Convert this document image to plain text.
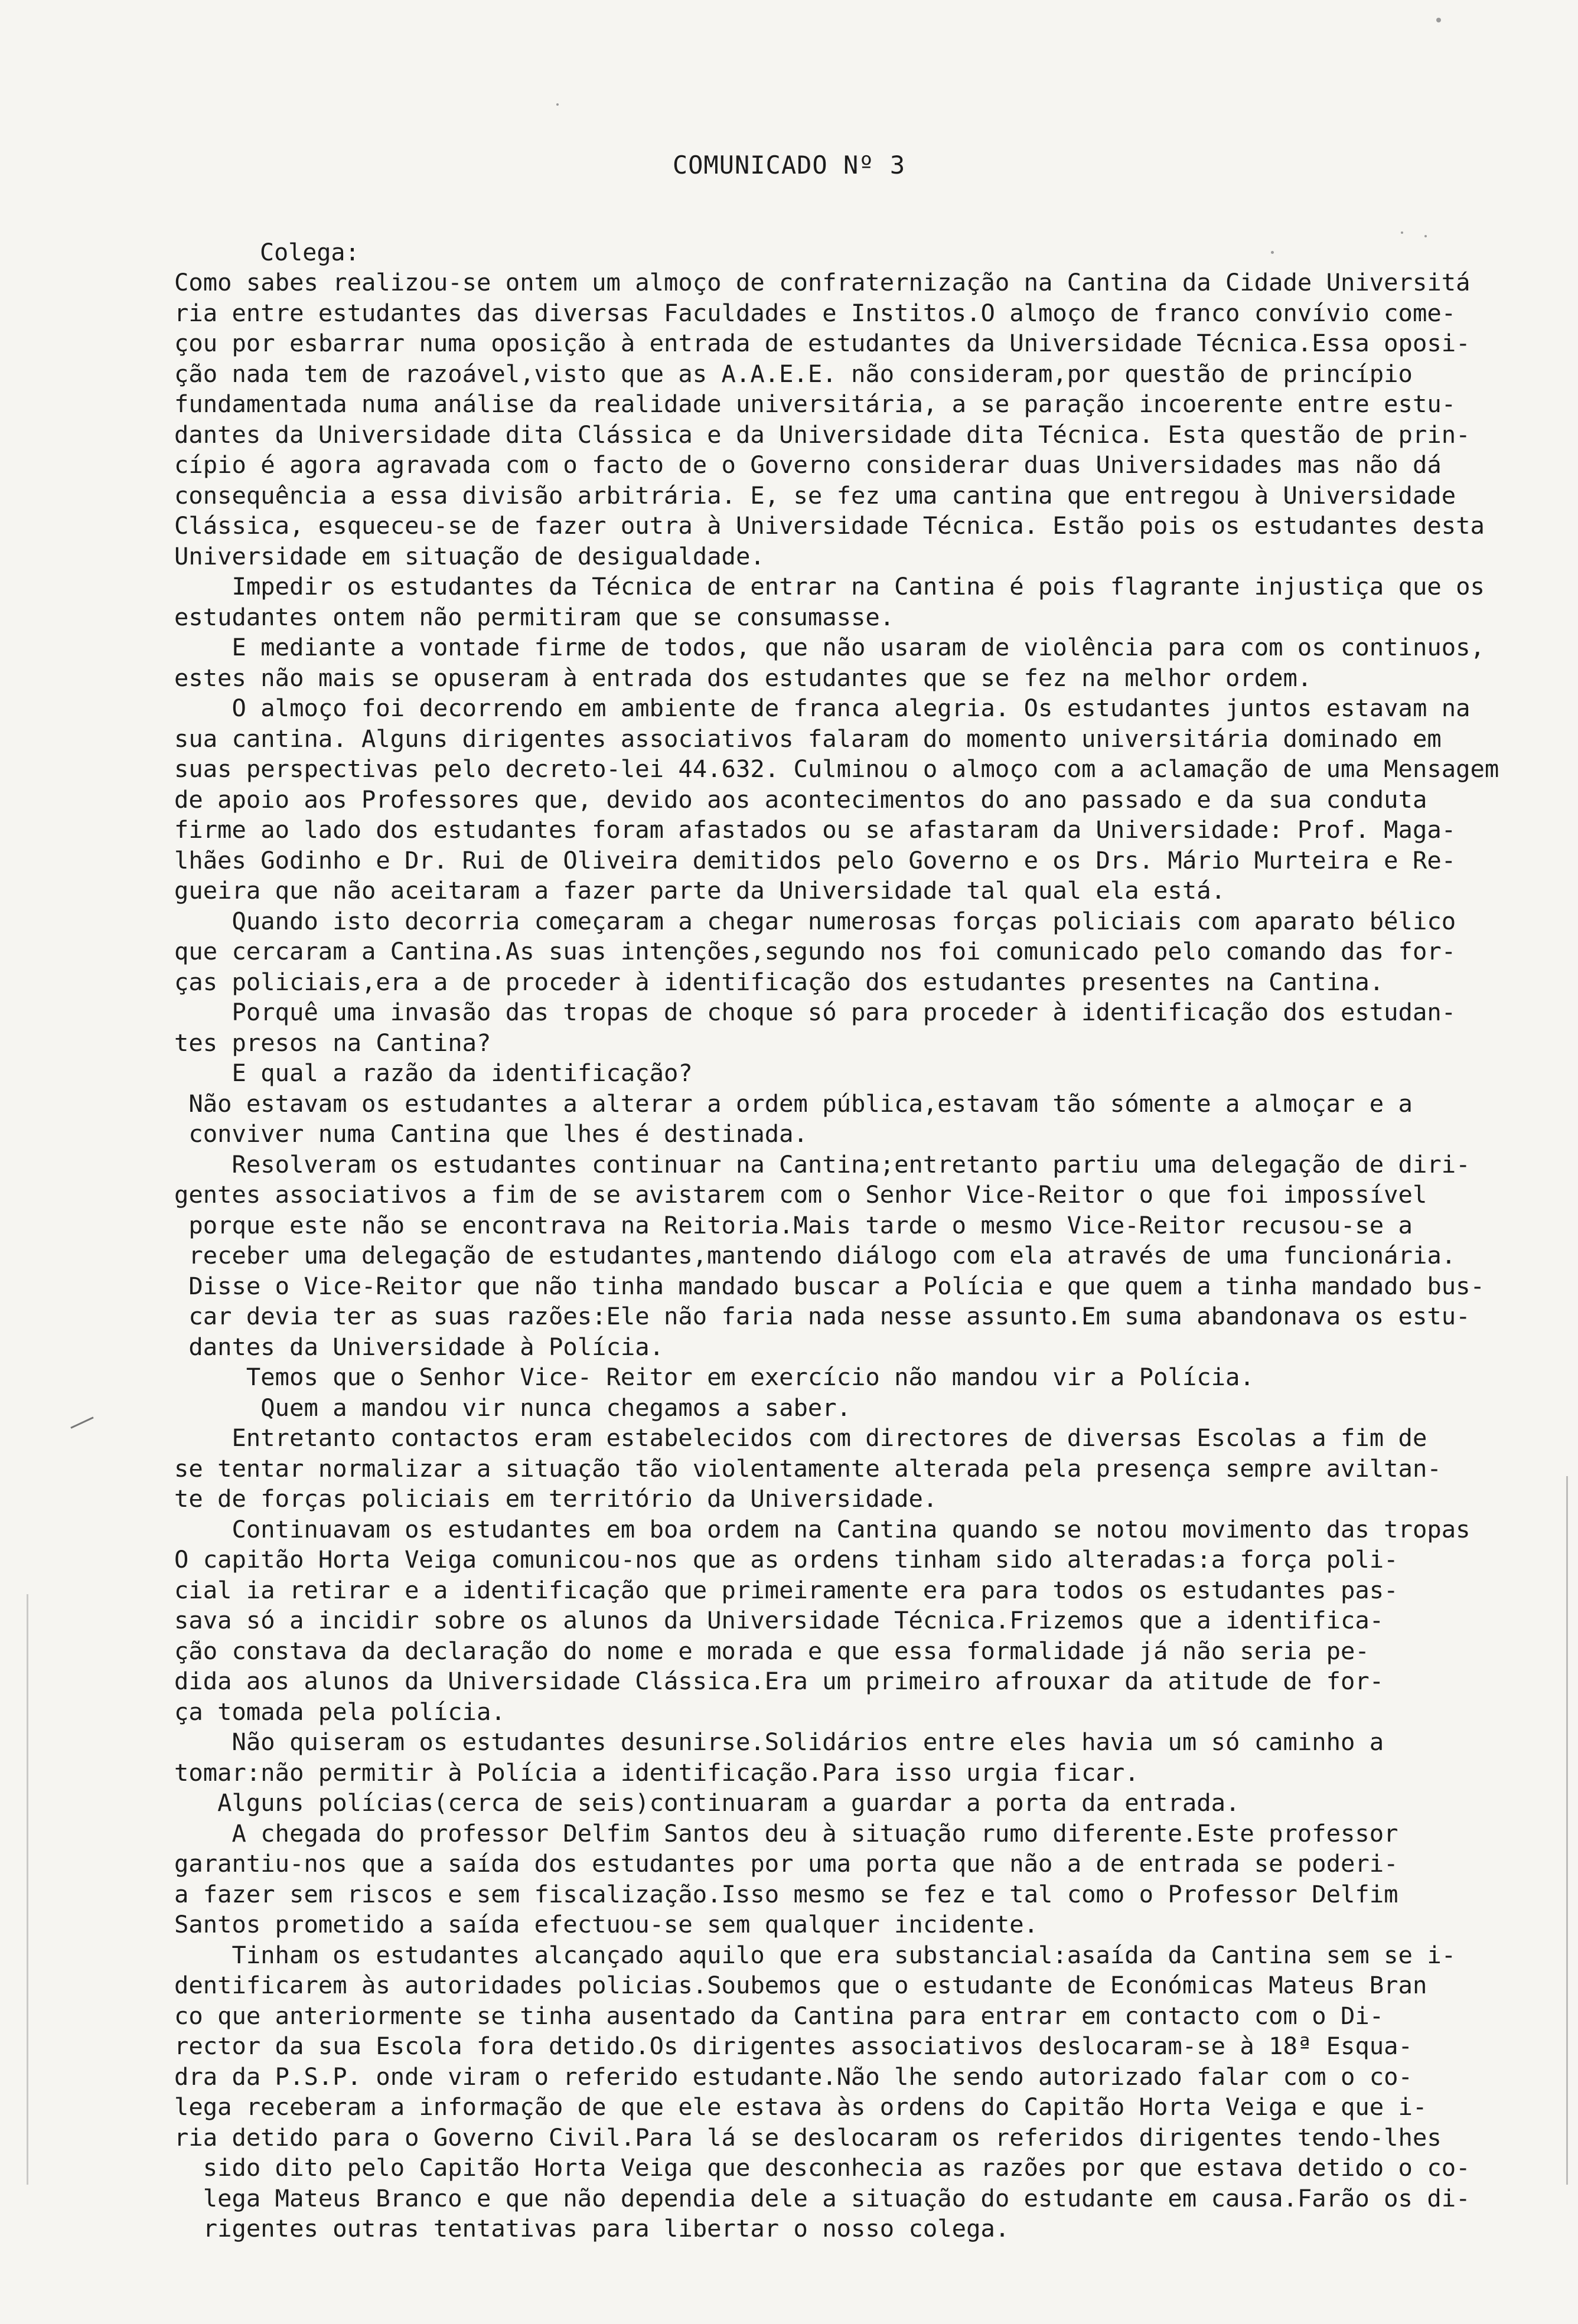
COMUNICADO Nº 3
Colega:
Como sabes realizou-se ontem um almoço de confraternização na Cantina da Cidade Universitá
ria entre estudantes das diversas Faculdades e Institos.O almoço de franco convívio come-
çou por esbarrar numa oposição à entrada de estudantes da Universidade Técnica.Essa oposi-
ção nada tem de razoável,visto que as A.A.E.E. não consideram,por questão de princípio
fundamentada numa análise da realidade universitária, a se paração incoerente entre estu-
dantes da Universidade dita Clássica e da Universidade dita Técnica. Esta questão de prin-
cípio é agora agravada com o facto de o Governo considerar duas Universidades mas não dá
consequência a essa divisão arbitrária. E, se fez uma cantina que entregou à Universidade
Clássica, esqueceu-se de fazer outra à Universidade Técnica. Estão pois os estudantes desta
Universidade em situação de desigualdade.
Impedir os estudantes da Técnica de entrar na Cantina é pois flagrante injustiça que os
estudantes ontem não permitiram que se consumasse.
E mediante a vontade firme de todos, que não usaram de violência para com os continuos,
estes não mais se opuseram à entrada dos estudantes que se fez na melhor ordem.
O almoço foi decorrendo em ambiente de franca alegria. Os estudantes juntos estavam na
sua cantina. Alguns dirigentes associativos falaram do momento universitária dominado em
suas perspectivas pelo decreto-lei 44.632. Culminou o almoço com a aclamação de uma Mensagem
de apoio aos Professores que, devido aos acontecimentos do ano passado e da sua conduta
firme ao lado dos estudantes foram afastados ou se afastaram da Universidade: Prof. Maga-
lhães Godinho e Dr. Rui de Oliveira demitidos pelo Governo e os Drs. Mário Murteira e Re-
gueira que não aceitaram a fazer parte da Universidade tal qual ela está.
Quando isto decorria começaram a chegar numerosas forças policiais com aparato bélico
que cercaram a Cantina.As suas intenções,segundo nos foi comunicado pelo comando das for-
ças policiais,era a de proceder à identificação dos estudantes presentes na Cantina.
Porquê uma invasão das tropas de choque só para proceder à identificação dos estudan-
tes presos na Cantina?
E qual a razão da identificação?
Não estavam os estudantes a alterar a ordem pública,estavam tão sómente a almoçar e a
conviver numa Cantina que lhes é destinada.
Resolveram os estudantes continuar na Cantina;entretanto partiu uma delegação de diri-
gentes associativos a fim de se avistarem com o Senhor Vice-Reitor o que foi impossível
porque este não se encontrava na Reitoria.Mais tarde o mesmo Vice-Reitor recusou-se a
receber uma delegação de estudantes,mantendo diálogo com ela através de uma funcionária.
Disse o Vice-Reitor que não tinha mandado buscar a Polícia e que quem a tinha mandado bus-
car devia ter as suas razões:Ele não faria nada nesse assunto.Em suma abandonava os estu-
dantes da Universidade à Polícia.
Temos que o Senhor Vice- Reitor em exercício não mandou vir a Polícia.
Quem a mandou vir nunca chegamos a saber.
Entretanto contactos eram estabelecidos com directores de diversas Escolas a fim de
se tentar normalizar a situação tão violentamente alterada pela presença sempre aviltan-
te de forças policiais em território da Universidade.
Continuavam os estudantes em boa ordem na Cantina quando se notou movimento das tropas
O capitão Horta Veiga comunicou-nos que as ordens tinham sido alteradas:a força poli-
cial ia retirar e a identificação que primeiramente era para todos os estudantes pas-
sava só a incidir sobre os alunos da Universidade Técnica.Frizemos que a identifica-
ção constava da declaração do nome e morada e que essa formalidade já não seria pe-
dida aos alunos da Universidade Clássica.Era um primeiro afrouxar da atitude de for-
ça tomada pela polícia.
Não quiseram os estudantes desunirse.Solidários entre eles havia um só caminho a
tomar:não permitir à Polícia a identificação.Para isso urgia ficar.
Alguns polícias(cerca de seis)continuaram a guardar a porta da entrada.
A chegada do professor Delfim Santos deu à situação rumo diferente.Este professor
garantiu-nos que a saída dos estudantes por uma porta que não a de entrada se poderi-
a fazer sem riscos e sem fiscalização.Isso mesmo se fez e tal como o Professor Delfim
Santos prometido a saída efectuou-se sem qualquer incidente.
Tinham os estudantes alcançado aquilo que era substancial:asaída da Cantina sem se i-
dentificarem às autoridades policias.Soubemos que o estudante de Económicas Mateus Bran
co que anteriormente se tinha ausentado da Cantina para entrar em contacto com o Di-
rector da sua Escola fora detido.Os dirigentes associativos deslocaram-se à 18ª Esqua-
dra da P.S.P. onde viram o referido estudante.Não lhe sendo autorizado falar com o co-
lega receberam a informação de que ele estava às ordens do Capitão Horta Veiga e que i-
ria detido para o Governo Civil.Para lá se deslocaram os referidos dirigentes tendo-lhes
sido dito pelo Capitão Horta Veiga que desconhecia as razões por que estava detido o co-
lega Mateus Branco e que não dependia dele a situação do estudante em causa.Farão os di-
rigentes outras tentativas para libertar o nosso colega.
